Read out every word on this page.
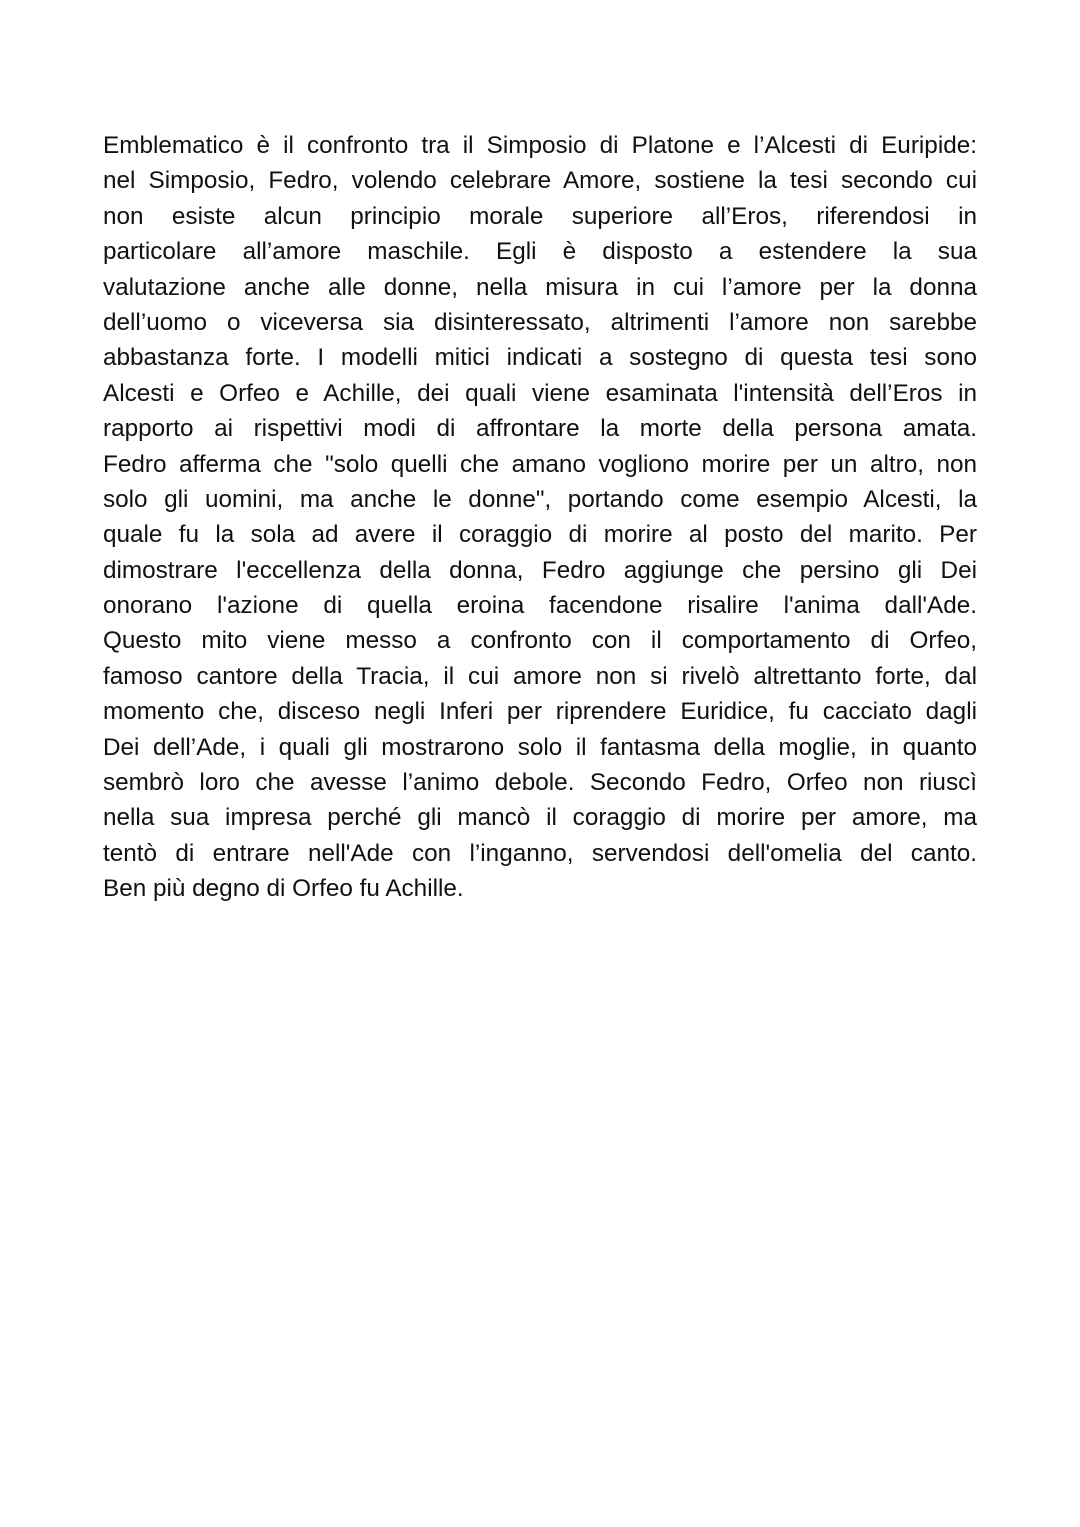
Emblematico è il confronto tra il Simposio di Platone e l’Alcesti di Euripide:
nel Simposio, Fedro, volendo celebrare Amore, sostiene la tesi secondo cui
non esiste alcun principio morale superiore all’Eros, riferendosi in
particolare all’amore maschile. Egli è disposto a estendere la sua
valutazione anche alle donne, nella misura in cui l’amore per la donna
dell’uomo o viceversa sia disinteressato, altrimenti l’amore non sarebbe
abbastanza forte. I modelli mitici indicati a sostegno di questa tesi sono
Alcesti e Orfeo e Achille, dei quali viene esaminata l'intensità dell’Eros in
rapporto ai rispettivi modi di affrontare la morte della persona amata.
Fedro afferma che "solo quelli che amano vogliono morire per un altro, non
solo gli uomini, ma anche le donne", portando come esempio Alcesti, la
quale fu la sola ad avere il coraggio di morire al posto del marito. Per
dimostrare l'eccellenza della donna, Fedro aggiunge che persino gli Dei
onorano l'azione di quella eroina facendone risalire l'anima dall'Ade.
Questo mito viene messo a confronto con il comportamento di Orfeo,
famoso cantore della Tracia, il cui amore non si rivelò altrettanto forte, dal
momento che, disceso negli Inferi per riprendere Euridice, fu cacciato dagli
Dei dell’Ade, i quali gli mostrarono solo il fantasma della moglie, in quanto
sembrò loro che avesse l’animo debole. Secondo Fedro, Orfeo non riuscì
nella sua impresa perché gli mancò il coraggio di morire per amore, ma
tentò di entrare nell'Ade con l’inganno, servendosi dell'omelia del canto.
Ben più degno di Orfeo fu Achille.
